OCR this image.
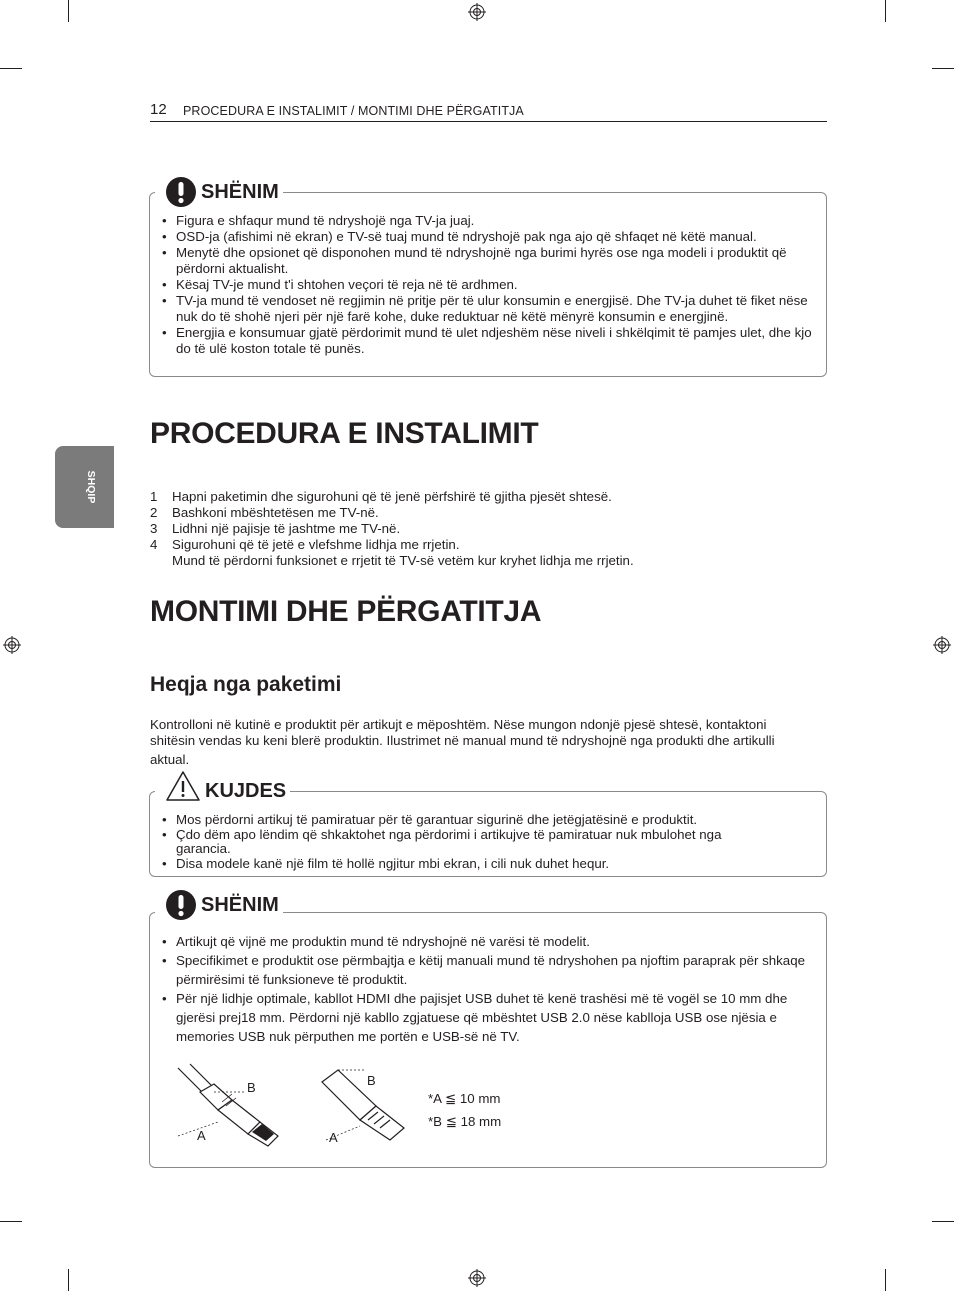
12 PROCEDURA E INSTALIMIT / MONTIMI DHE PËRGATITJA
SHQIP
SHËNIM
• Figura e shfaqur mund të ndryshojë nga TV-ja juaj.
• OSD-ja (afishimi në ekran) e TV-së tuaj mund të ndryshojë pak nga ajo që shfaqet në këtë manual.
• Menytë dhe opsionet që disponohen mund të ndryshojnë nga burimi hyrës ose nga modeli i produktit që përdorni aktualisht.
• Kësaj TV-je mund t'i shtohen veçori të reja në të ardhmen.
• TV-ja mund të vendoset në regjimin në pritje për të ulur konsumin e energjisë. Dhe TV-ja duhet të fiket nëse nuk do të shohë njeri për një farë kohe, duke reduktuar në këtë mënyrë konsumin e energjinë.
• Energjia e konsumuar gjatë përdorimit mund të ulet ndjeshëm nëse niveli i shkëlqimit të pamjes ulet, dhe kjo do të ulë koston totale të punës.
PROCEDURA E INSTALIMIT
1 Hapni paketimin dhe sigurohuni që të jenë përfshirë të gjitha pjesët shtesë.
2 Bashkoni mbështetësen me TV-në.
3 Lidhni një pajisje të jashtme me TV-në.
4 Sigurohuni që të jetë e vlefshme lidhja me rrjetin.
Mund të përdorni funksionet e rrjetit të TV-së vetëm kur kryhet lidhja me rrjetin.
MONTIMI DHE PËRGATITJA
Heqja nga paketimi
Kontrolloni në kutinë e produktit për artikujt e mëposhtëm. Nëse mungon ndonjë pjesë shtesë, kontaktoni
shitësin vendas ku keni blerë produktin. Ilustrimet në manual mund të ndryshojnë nga produkti dhe artikulli
aktual.
KUJDES
• Mos përdorni artikuj të pamiratuar për të garantuar sigurinë dhe jetëgjatësinë e produktit.
• Çdo dëm apo lëndim që shkaktohet nga përdorimi i artikujve të pamiratuar nuk mbulohet nga garancia.
• Disa modele kanë një film të hollë ngjitur mbi ekran, i cili nuk duhet hequr.
SHËNIM
• Artikujt që vijnë me produktin mund të ndryshojnë në varësi të modelit.
• Specifikimet e produktit ose përmbajtja e këtij manuali mund të ndryshohen pa njoftim paraprak për shkaqe përmirësimi të funksioneve të produktit.
• Për një lidhje optimale, kabllot HDMI dhe pajisjet USB duhet të kenë trashësi më të vogël se 10 mm dhe gjerësi prej18 mm. Përdorni një kabllo zgjatuese që mbështet USB 2.0 nëse kablloja USB ose njësia e memories USB nuk përputhen me portën e USB-së në TV.
B
A
B
A
*A ≦ 10 mm
*B ≦ 18 mm
